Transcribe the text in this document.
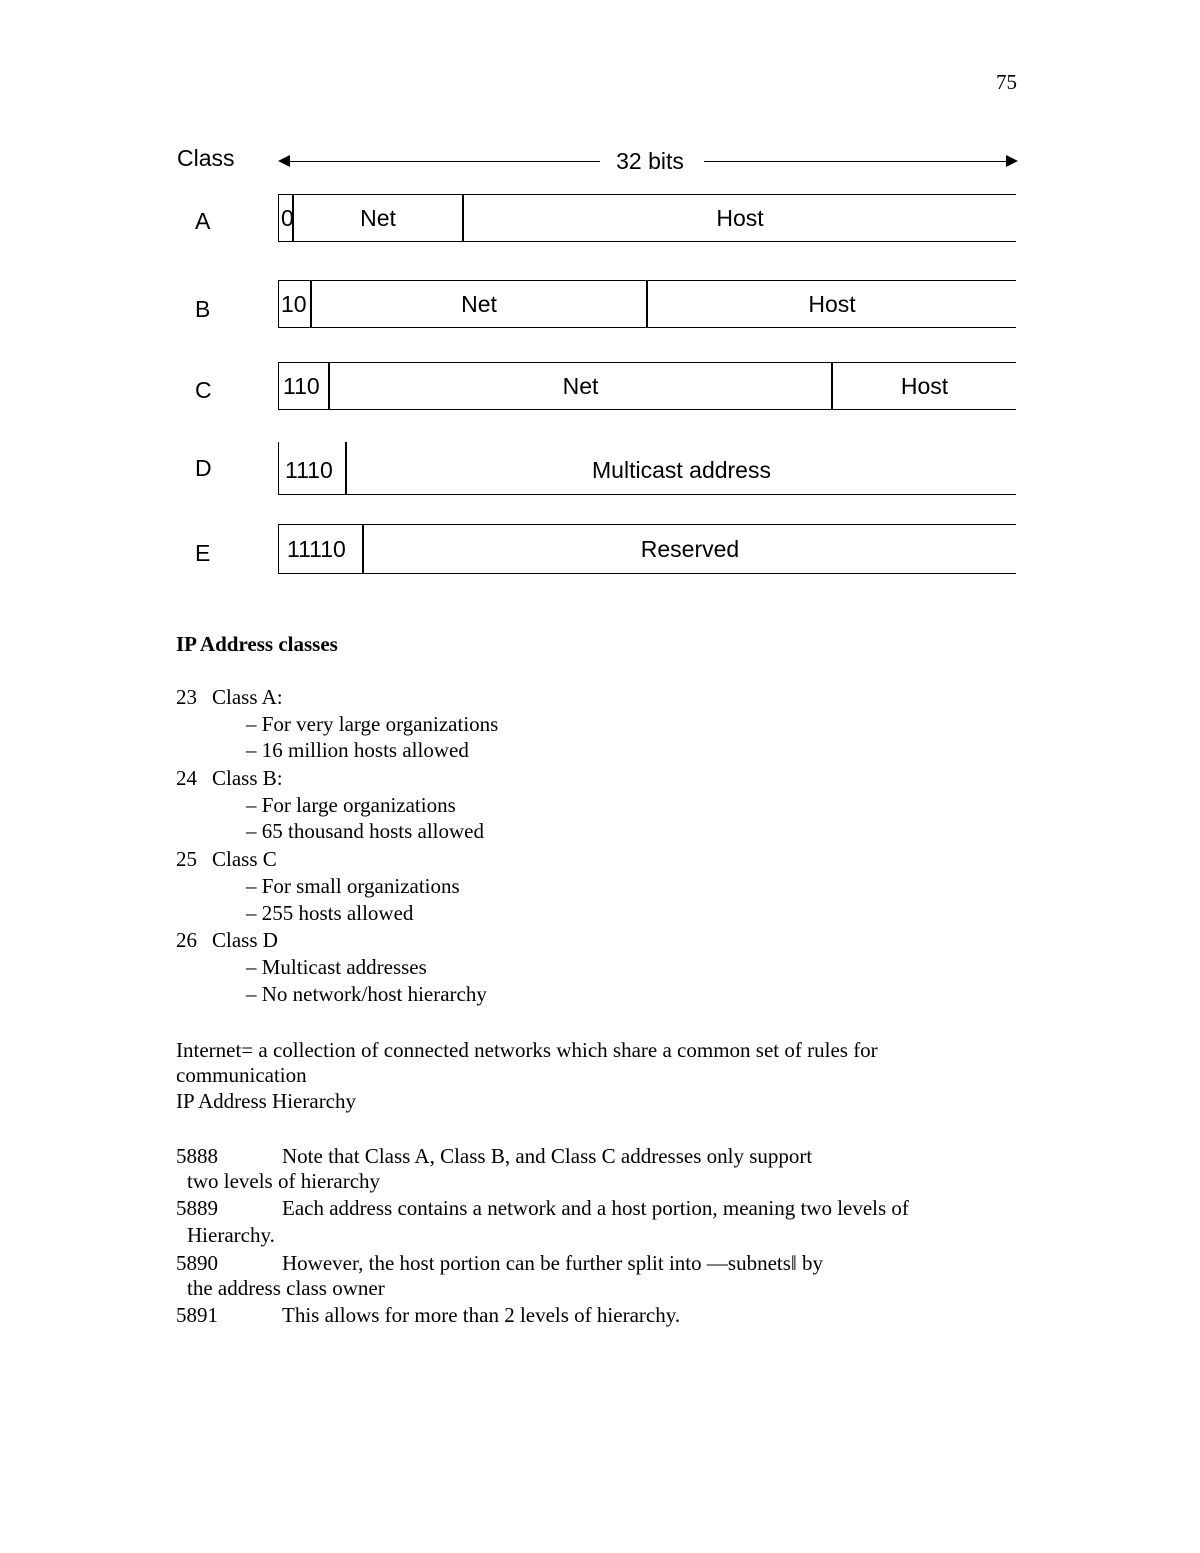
75
Class	32 bits
A	0	Net	Host
B	10	Net	Host
C	110	Net	Host
D	1110	Multicast address
E	11110	Reserved
IP Address classes
23 Class A:
– For very large organizations
– 16 million hosts allowed
24 Class B:
– For large organizations
– 65 thousand hosts allowed
25 Class C
– For small organizations
– 255 hosts allowed
26 Class D
– Multicast addresses
– No network/host hierarchy
Internet= a collection of connected networks which share a common set of rules for
communication
IP Address Hierarchy
5888	Note that Class A, Class B, and Class C addresses only support
two levels of hierarchy
5889	Each address contains a network and a host portion, meaning two levels of
Hierarchy.
5890	However, the host portion can be further split into ―subnets‖ by
the address class owner
5891	This allows for more than 2 levels of hierarchy.
